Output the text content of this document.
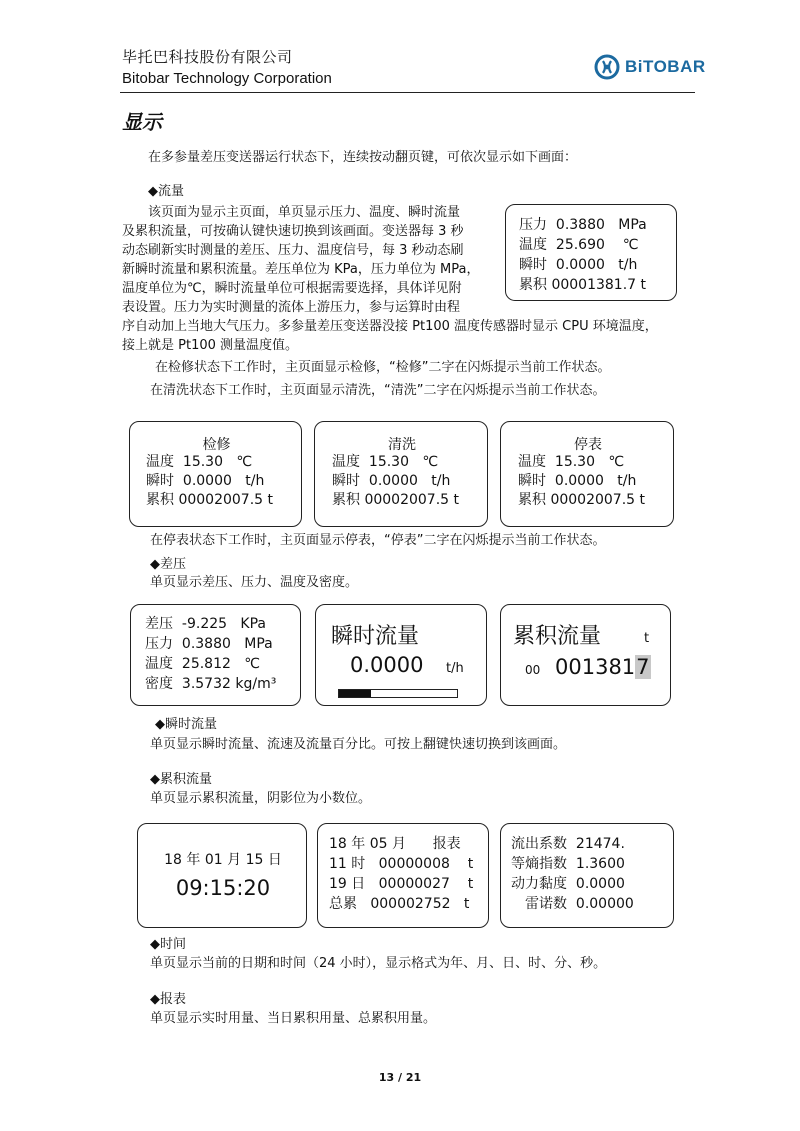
毕托巴科技股份有限公司
Bitobar Technology Corporation
BiTOBAR
显示
在多参量差压变送器运行状态下，连续按动翻页键，可依次显示如下画面：
◆流量
该页面为显示主页面，单页显示压力、温度、瞬时流量
及累积流量，可按确认键快速切换到该画面。变送器每 3 秒
动态刷新实时测量的差压、压力、温度信号，每 3 秒动态刷
新瞬时流量和累积流量。差压单位为 KPa，压力单位为 MPa，
温度单位为℃，瞬时流量单位可根据需要选择，具体详见附
表设置。压力为实时测量的流体上游压力，参与运算时由程
序自动加上当地大气压力。多参量差压变送器没接 Pt100 温度传感器时显示 CPU 环境温度，
接上就是 Pt100 测量温度值。
在检修状态下工作时，主页面显示检修，“检修”二字在闪烁提示当前工作状态。
在清洗状态下工作时，主页面显示清洗，“清洗”二字在闪烁提示当前工作状态。
压力 0.3880 MPa
温度 25.690 ℃
瞬时 0.0000 t/h
累积 00001381.7 t
检修
温度 15.30 ℃
瞬时 0.0000 t/h
累积 00002007.5 t
清洗
温度 15.30 ℃
瞬时 0.0000 t/h
累积 00002007.5 t
停表
温度 15.30 ℃
瞬时 0.0000 t/h
累积 00002007.5 t
在停表状态下工作时，主页面显示停表，“停表”二字在闪烁提示当前工作状态。
◆差压
单页显示差压、压力、温度及密度。
差压 -9.225 KPa
压力 0.3880 MPa
温度 25.812 ℃
密度 3.5732 kg/m³
瞬时流量
0.0000 t/h
累积流量	t
00 0013817
◆瞬时流量
单页显示瞬时流量、流速及流量百分比。可按上翻键快速切换到该画面。
◆累积流量
单页显示累积流量，阴影位为小数位。
18 年 01 月 15 日
09:15:20
18 年 05 月 报表
11 时 00000008 t
19 日 00000027 t
总累 000002752 t
流出系数 21474.
等熵指数 1.3600
动力黏度 0.0000
雷诺数 0.00000
◆时间
单页显示当前的日期和时间（24 小时），显示格式为年、月、日、时、分、秒。
◆报表
单页显示实时用量、当日累积用量、总累积用量。
13 / 21
